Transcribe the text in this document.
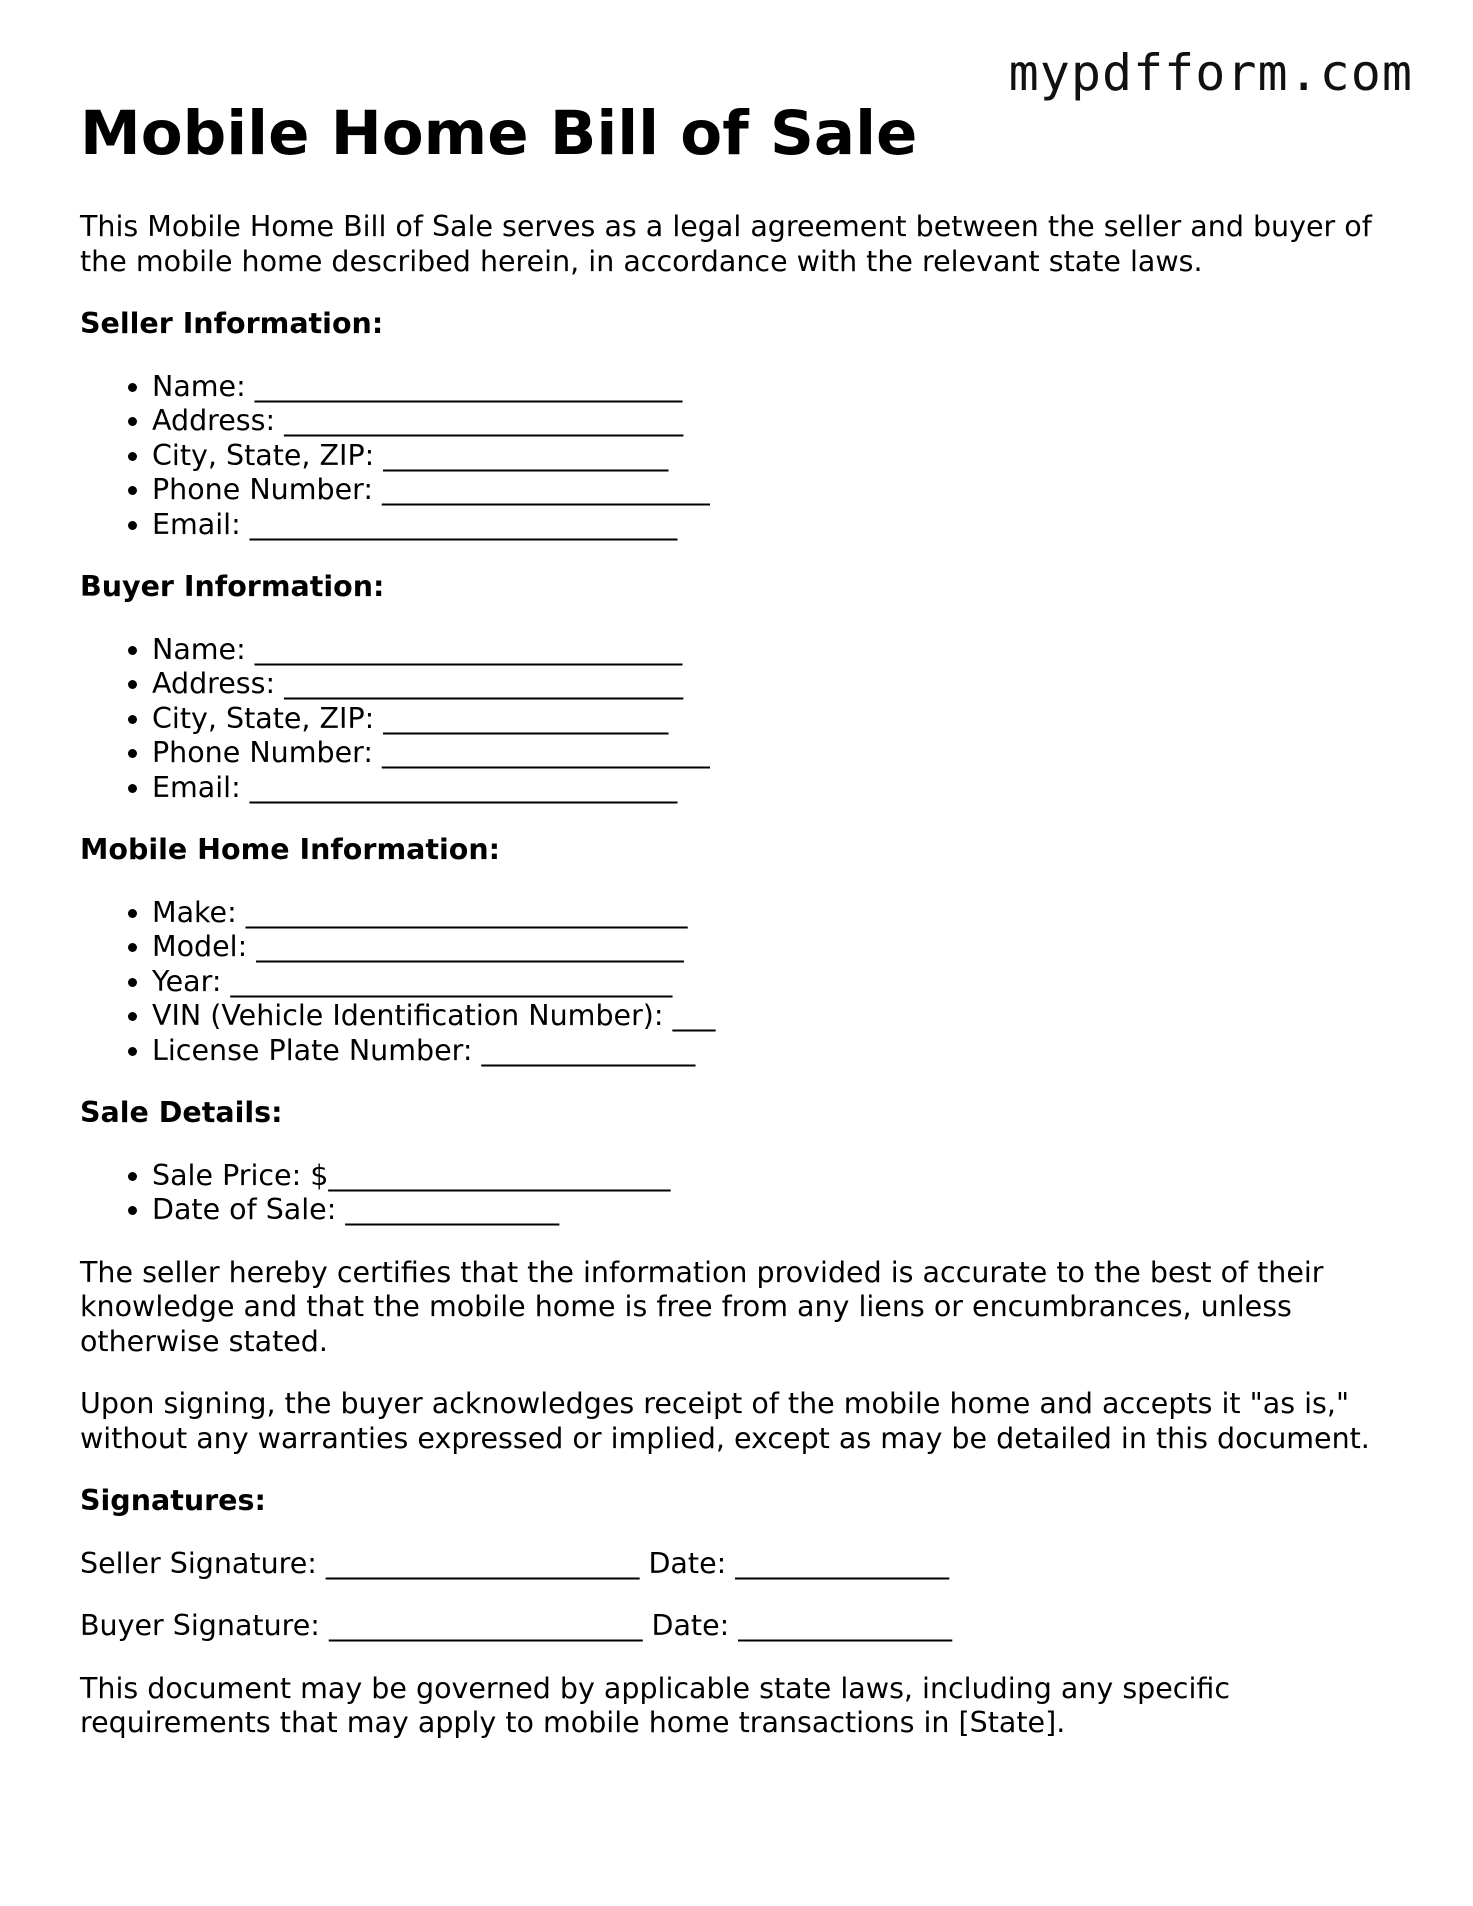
mypdfform.com
Mobile Home Bill of Sale

This Mobile Home Bill of Sale serves as a legal agreement between the seller and buyer of the mobile home described herein, in accordance with the relevant state laws.

Seller Information:
• Name: ______________________________
• Address: ____________________________
• City, State, ZIP: ____________________
• Phone Number: _______________________
• Email: ______________________________
Buyer Information:
• Name: ______________________________
• Address: ____________________________
• City, State, ZIP: ____________________
• Phone Number: _______________________
• Email: ______________________________
Mobile Home Information:
• Make: _______________________________
• Model: ______________________________
• Year: _______________________________
• VIN (Vehicle Identification Number): ___
• License Plate Number: _______________
Sale Details:
• Sale Price: $________________________
• Date of Sale: _______________

The seller hereby certifies that the information provided is accurate to the best of their knowledge and that the mobile home is free from any liens or encumbrances, unless otherwise stated.

Upon signing, the buyer acknowledges receipt of the mobile home and accepts it "as is," without any warranties expressed or implied, except as may be detailed in this document.

Signatures:
Seller Signature: ______________________ Date: _______________
Buyer Signature: ______________________ Date: _______________

This document may be governed by applicable state laws, including any specific requirements that may apply to mobile home transactions in [State].
